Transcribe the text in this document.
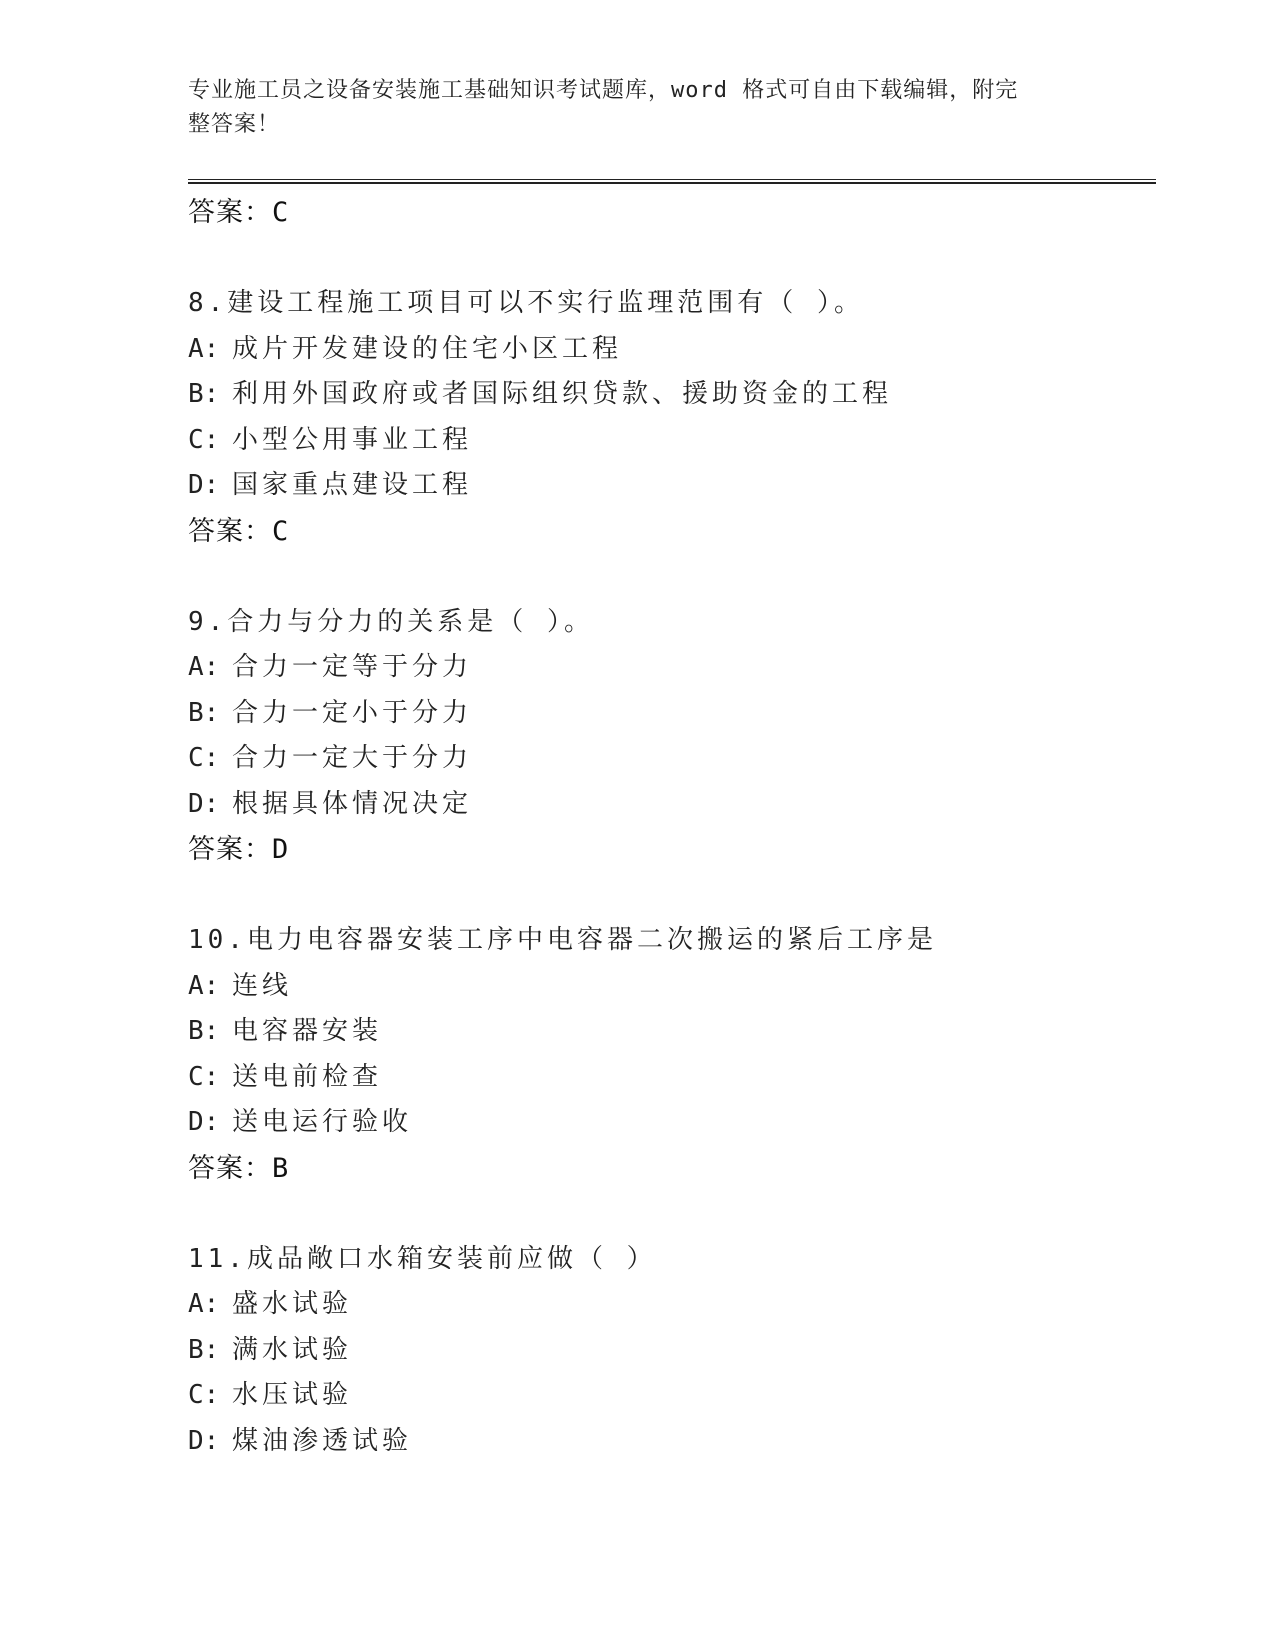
专业施工员之设备安装施工基础知识考试题库，word 格式可自由下载编辑，附完
整答案！
答案：C
8.建设工程施工项目可以不实行监理范围有（ ）。
A: 成片开发建设的住宅小区工程
B: 利用外国政府或者国际组织贷款、援助资金的工程
C: 小型公用事业工程
D: 国家重点建设工程
答案：C
9.合力与分力的关系是（ ）。
A: 合力一定等于分力
B: 合力一定小于分力
C: 合力一定大于分力
D: 根据具体情况决定
答案：D
10.电力电容器安装工序中电容器二次搬运的紧后工序是
A: 连线
B: 电容器安装
C: 送电前检查
D: 送电运行验收
答案：B
11.成品敞口水箱安装前应做（ ）
A: 盛水试验
B: 满水试验
C: 水压试验
D: 煤油渗透试验
